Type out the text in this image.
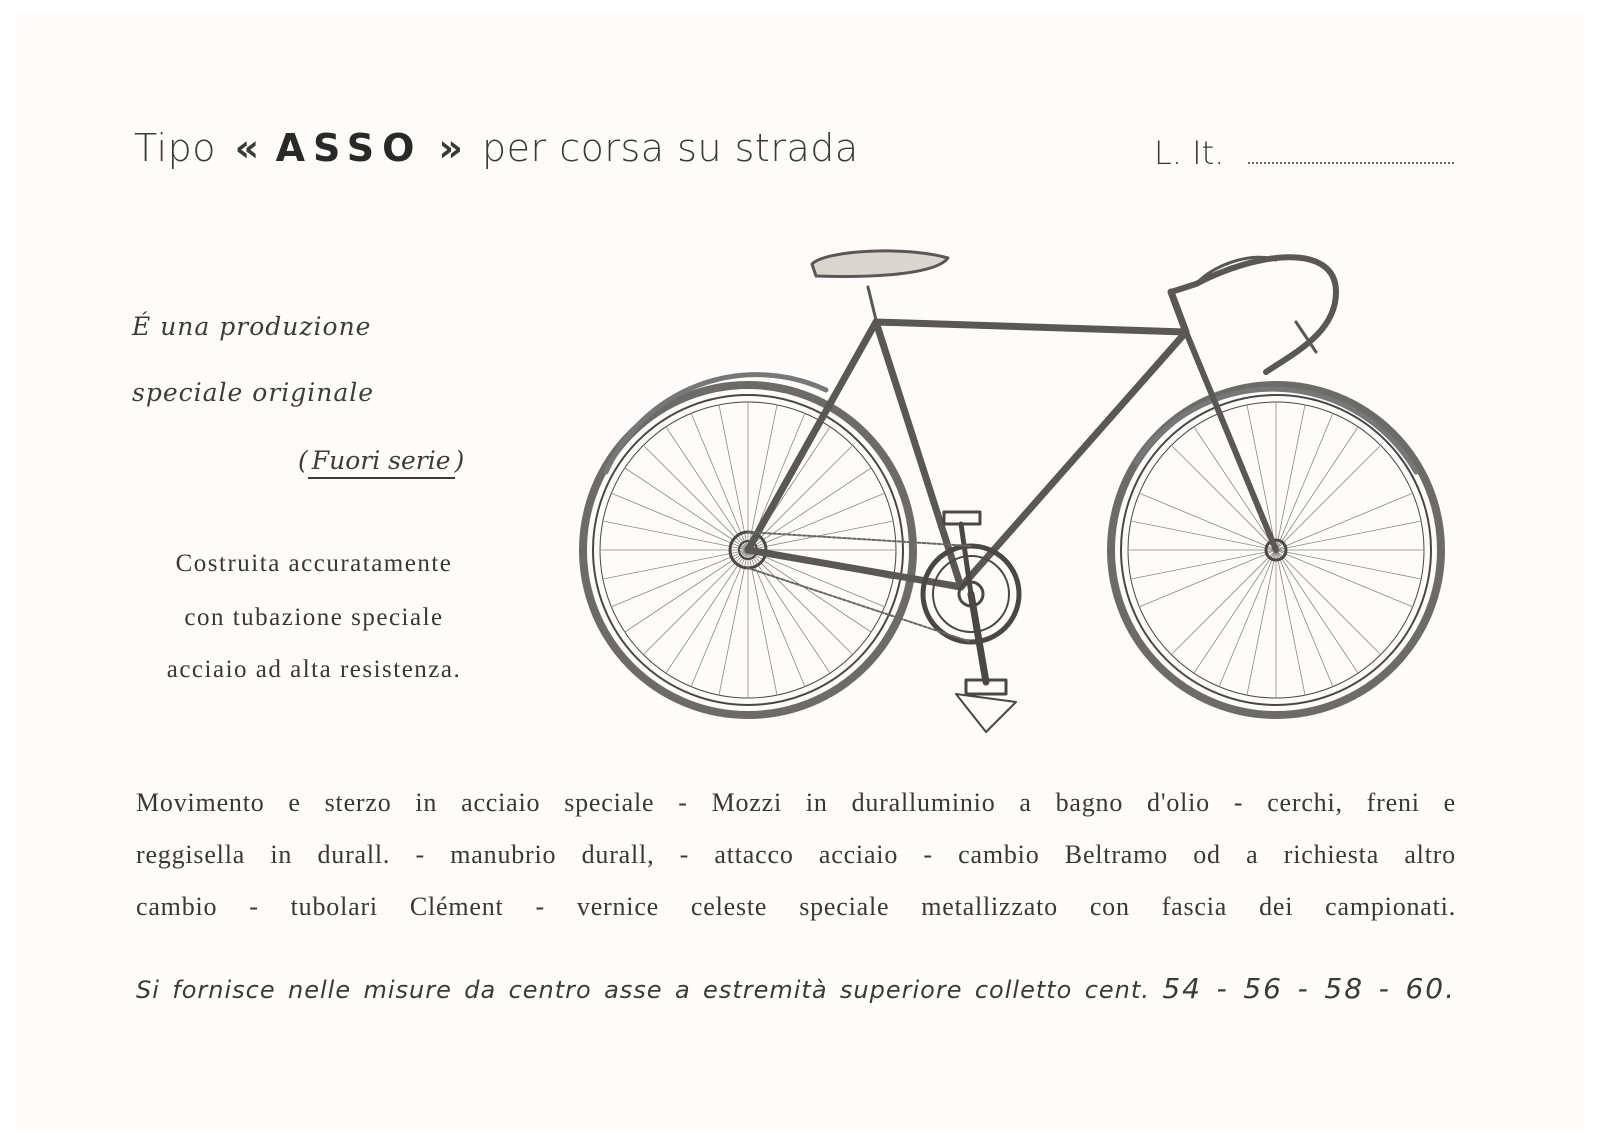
Tipo « ASSO » per corsa su strada	L. It.
É una produzione
speciale originale
( Fuori serie )
Costruita accuratamente
con tubazione speciale
acciaio ad alta resistenza.
Movimento e sterzo in acciaio speciale - Mozzi in duralluminio a bagno d'olio - cerchi, freni e
reggisella in durall. - manubrio durall, - attacco acciaio - cambio Beltramo od a richiesta altro
cambio - tubolari Clément - vernice celeste speciale metallizzato con fascia dei campionati.
Si fornisce nelle misure da centro asse a estremità superiore colletto cent. 54 - 56 - 58 - 60.
